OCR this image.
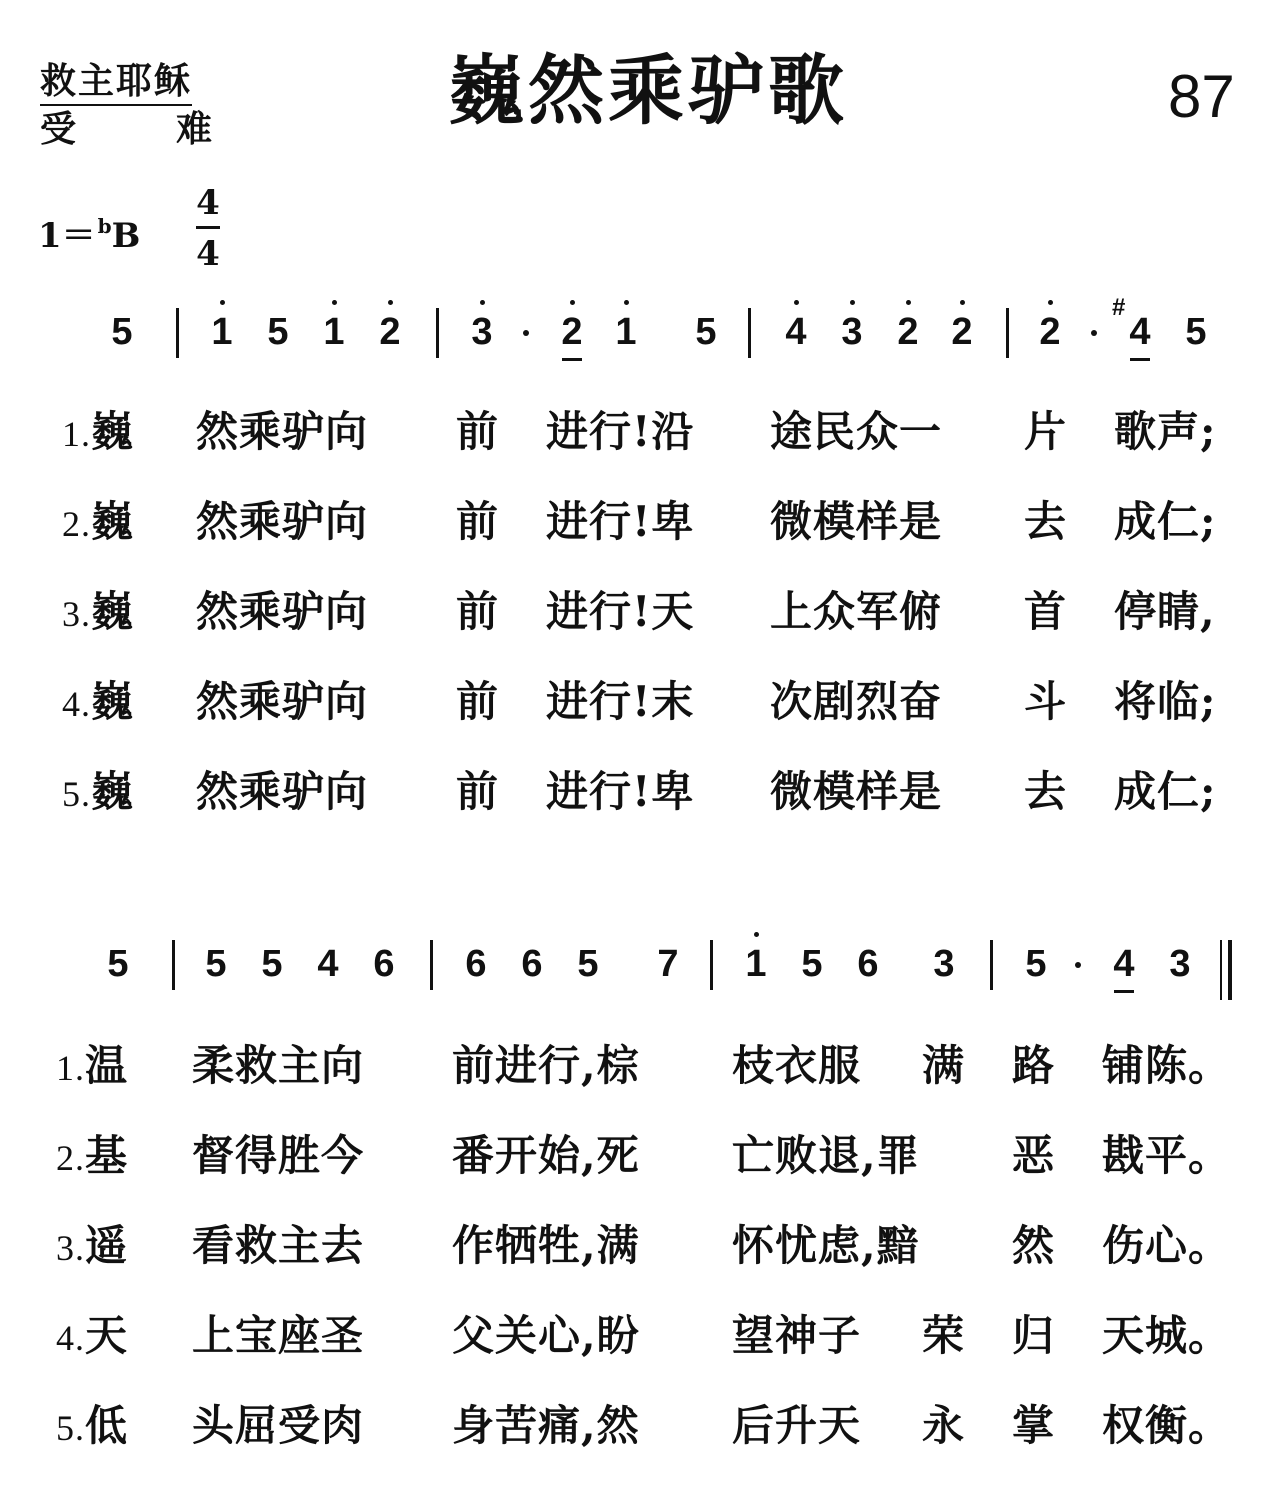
救主耶稣
受	难	巍然乘驴歌	87
1＝ $^b$B
4
4
5 1 5 1 2 3 2 1 5 4 3 2 2 2
#
4 5
1.巍 然乘驴向 前 进行!沿 途民众一 片 歌声;
2.巍 然乘驴向 前 进行!卑 微模样是 去 成仁;
3.巍 然乘驴向 前 进行!天 上众军俯 首 停睛,
4.巍 然乘驴向 前 进行!末 次剧烈奋 斗 将临;
5.巍 然乘驴向 前 进行!卑 微模样是 去 成仁;
5 5 5 4 6 6 6 5 7 1 5 6 3 5 4 3
1.温 柔救主向 前进行,棕 枝衣服 满 路 铺陈。
2.基 督得胜今 番开始,死 亡败退,罪 恶 戡平。
3.遥 看救主去 作牺牲,满 怀忧虑,黯 然 伤心。
4.天 上宝座圣 父关心,盼 望神子 荣 归 天城。
5.低 头屈受肉 身苦痛,然 后升天 永 掌 权衡。
